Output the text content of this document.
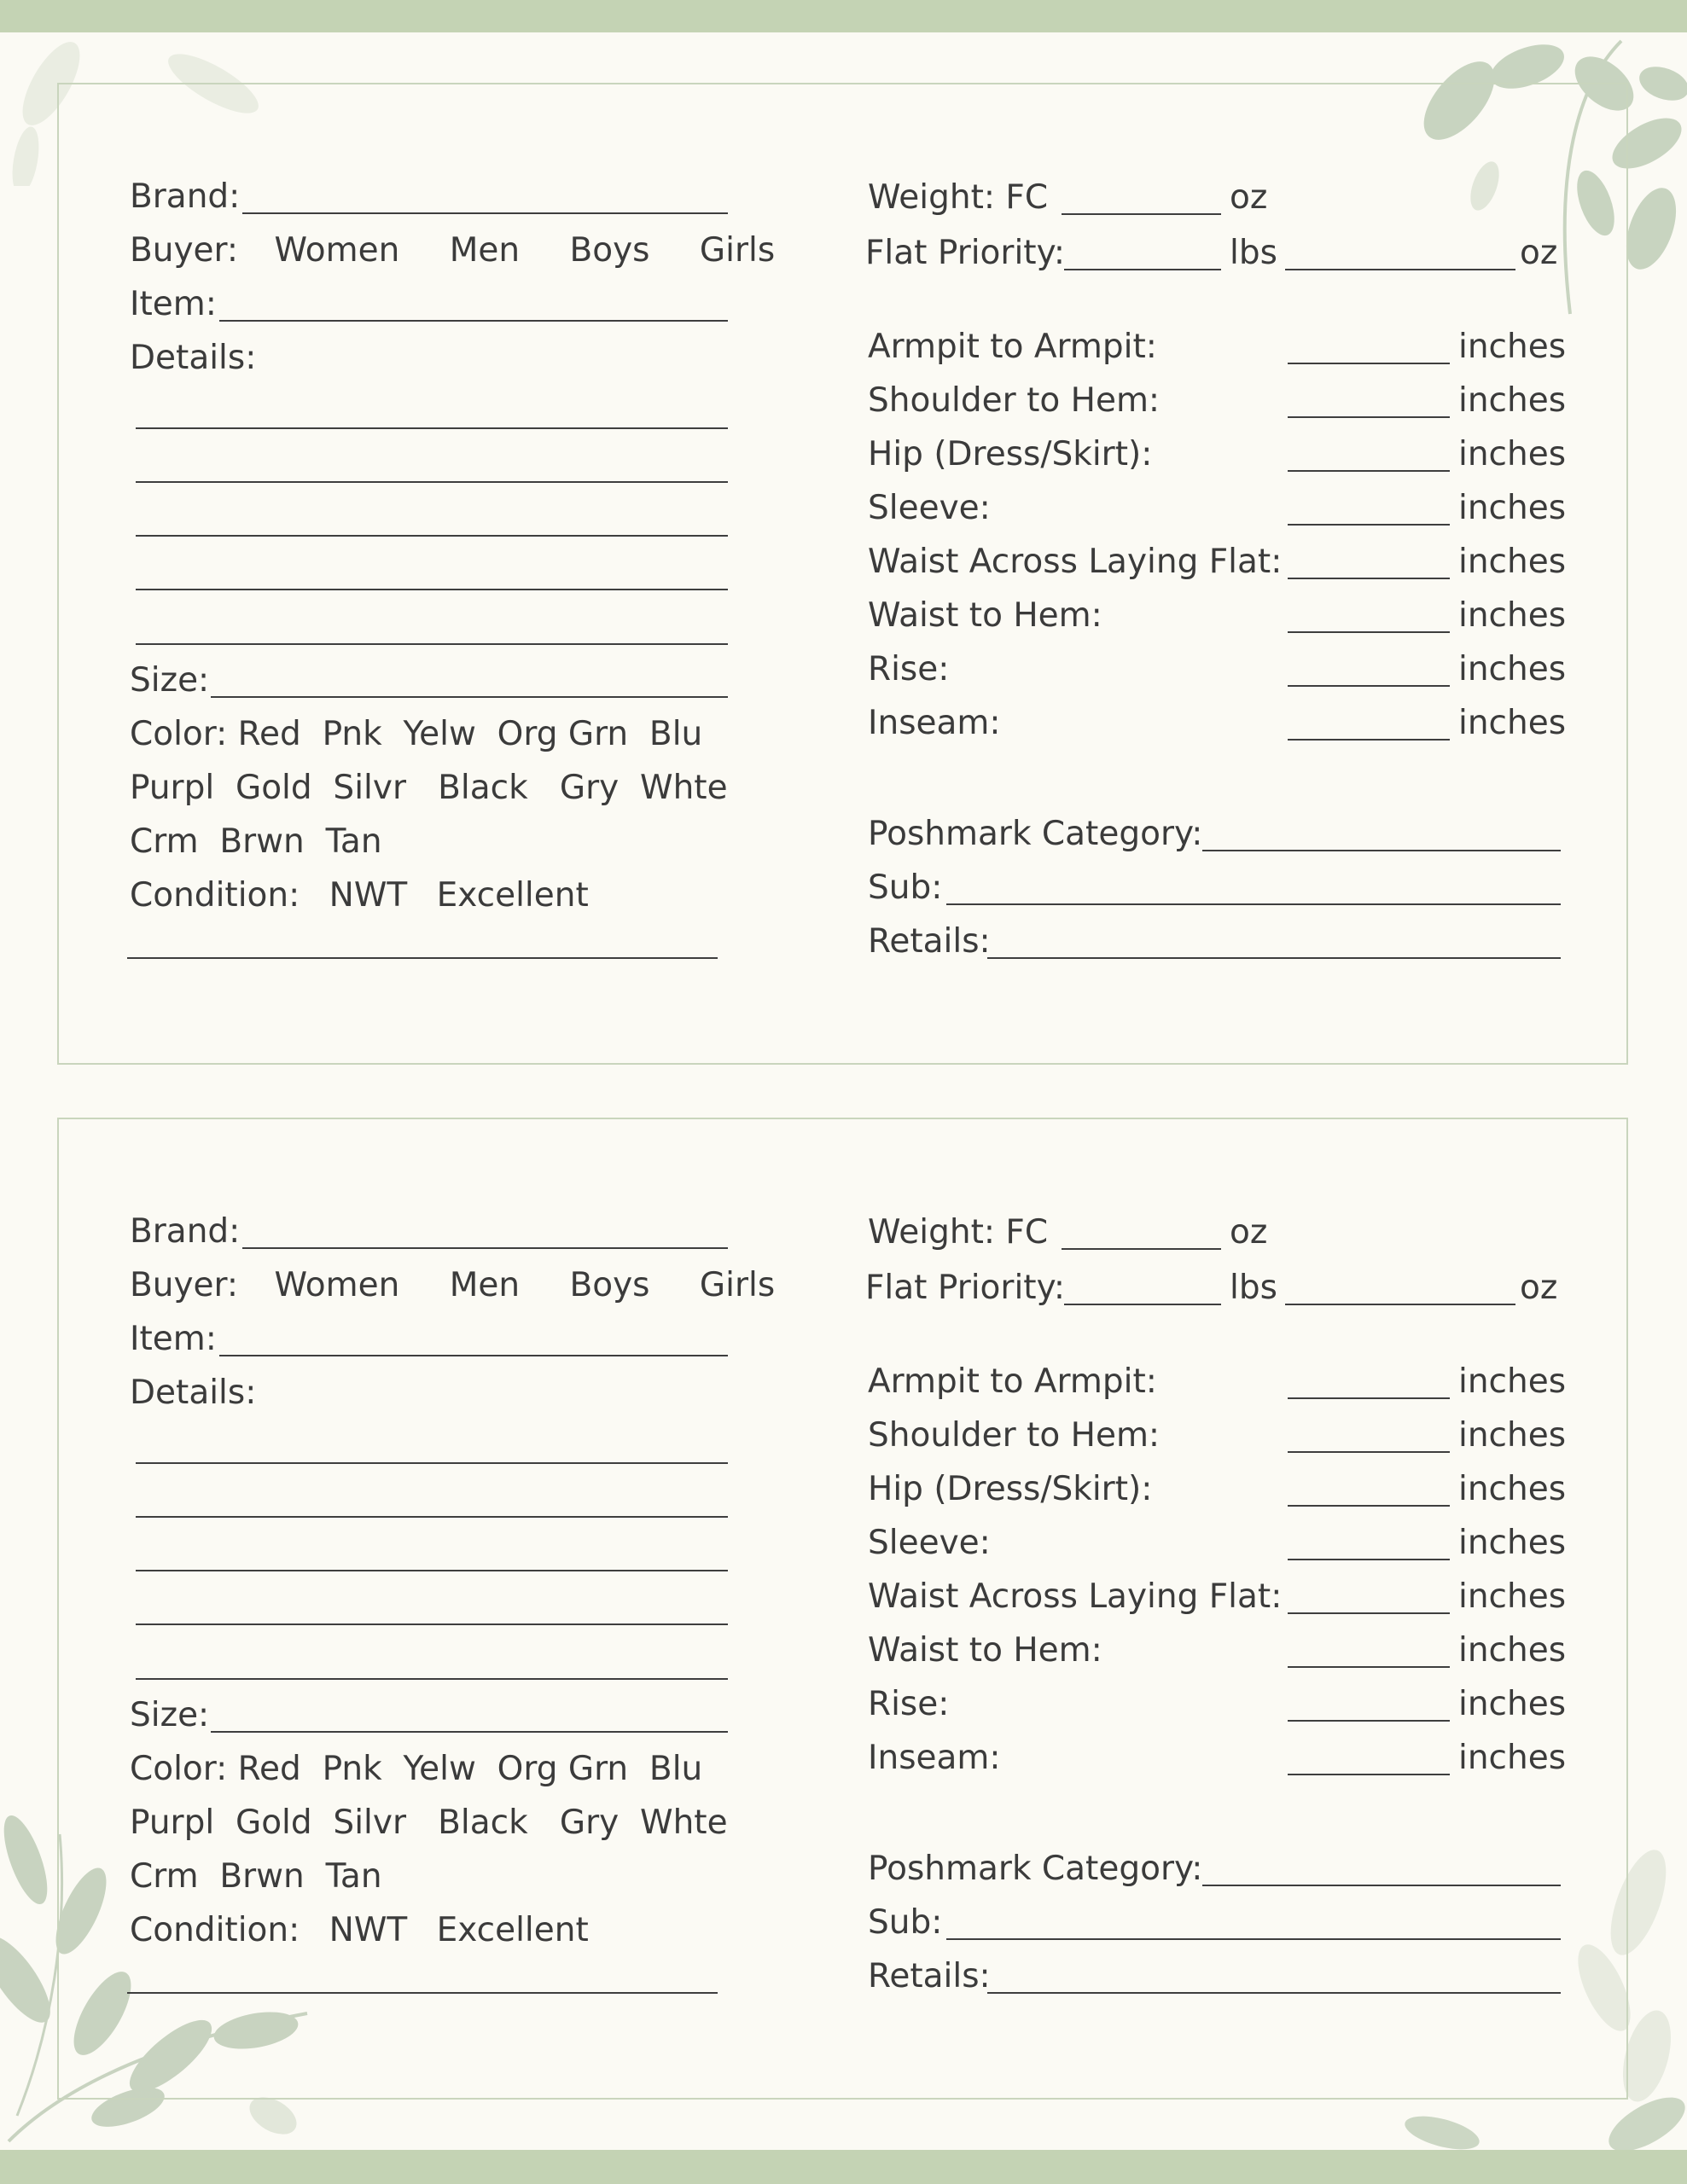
Brand:
Buyer: Women Men Boys Girls
Item:
Details:
Size:
Color: Red  Pnk  Yelw  Org Grn  Blu
Purpl  Gold  Silvr   Black   Gry  Whte
Crm  Brwn  Tan
Condition: NWT Excellent
Weight: FC	oz
Flat Priority:	lbs	oz
Armpit to Armpit:	inches
Shoulder to Hem:	inches
Hip (Dress/Skirt):	inches
Sleeve:	inches
Waist Across Laying Flat:	inches
Waist to Hem:	inches
Rise:	inches
Inseam:	inches
Poshmark Category:
Sub:
Retails:
Brand:
Buyer: Women Men Boys Girls
Item:
Details:
Size:
Color: Red  Pnk  Yelw  Org Grn  Blu
Purpl  Gold  Silvr   Black   Gry  Whte
Crm  Brwn  Tan
Condition: NWT Excellent
Weight: FC	oz
Flat Priority:	lbs	oz
Armpit to Armpit:	inches
Shoulder to Hem:	inches
Hip (Dress/Skirt):	inches
Sleeve:	inches
Waist Across Laying Flat:	inches
Waist to Hem:	inches
Rise:	inches
Inseam:	inches
Poshmark Category:
Sub:
Retails:
